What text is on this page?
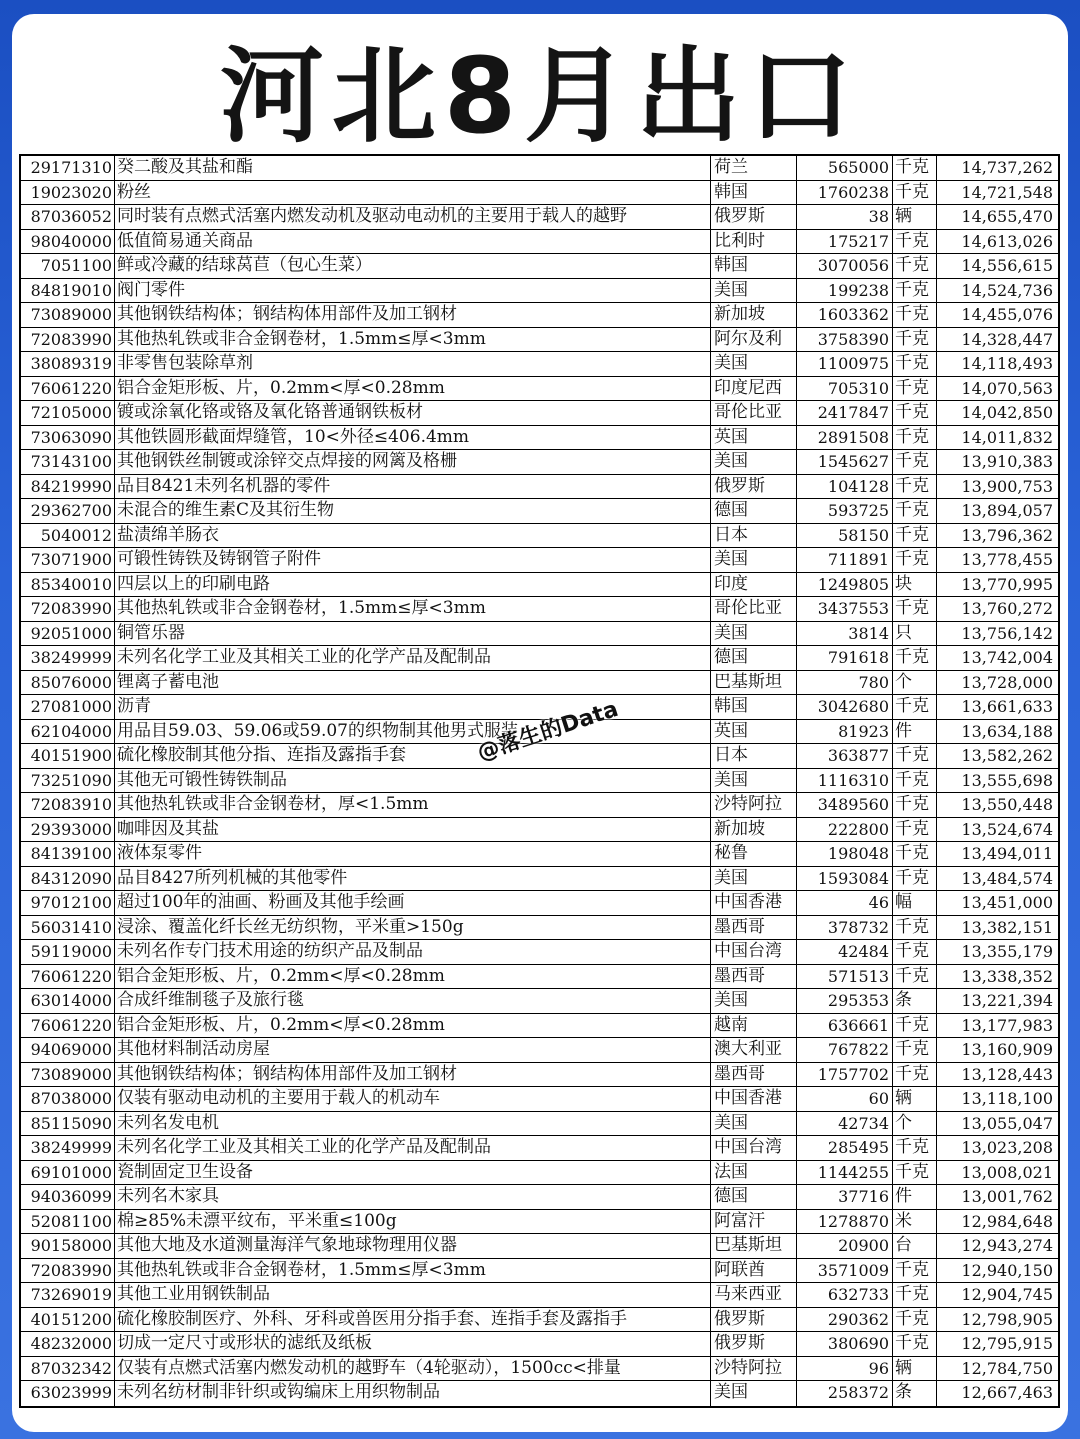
河北8月出口
29171310 癸二酸及其盐和酯	荷兰	565000 千克	14,737,262
19023020 粉丝	韩国	1760238 千克	14,721,548
87036052 同时装有点燃式活塞内燃发动机及驱动电动机的主要用于载人的越野	俄罗斯	38 辆	14,655,470
98040000 低值简易通关商品	比利时	175217 千克	14,613,026
7051100 鲜或冷藏的结球莴苣（包心生菜）	韩国	3070056 千克	14,556,615
84819010 阀门零件	美国	199238 千克	14,524,736
73089000 其他钢铁结构体；钢结构体用部件及加工钢材	新加坡	1603362 千克	14,455,076
72083990 其他热轧铁或非合金钢卷材，1.5mm≤厚<3mm	阿尔及利	3758390 千克	14,328,447
38089319 非零售包装除草剂	美国	1100975 千克	14,118,493
76061220 铝合金矩形板、片，0.2mm<厚<0.28mm	印度尼西	705310 千克	14,070,563
72105000 镀或涂氧化铬或铬及氧化铬普通钢铁板材	哥伦比亚	2417847 千克	14,042,850
73063090 其他铁圆形截面焊缝管，10<外径≤406.4mm	英国	2891508 千克	14,011,832
73143100 其他钢铁丝制镀或涂锌交点焊接的网篱及格栅	美国	1545627 千克	13,910,383
84219990 品目8421未列名机器的零件	俄罗斯	104128 千克	13,900,753
29362700 未混合的维生素C及其衍生物	德国	593725 千克	13,894,057
5040012 盐渍绵羊肠衣	日本	58150 千克	13,796,362
73071900 可锻性铸铁及铸钢管子附件	美国	711891 千克	13,778,455
85340010 四层以上的印刷电路	印度	1249805 块	13,770,995
72083990 其他热轧铁或非合金钢卷材，1.5mm≤厚<3mm	哥伦比亚	3437553 千克	13,760,272
92051000 铜管乐器	美国	3814 只	13,756,142
38249999 未列名化学工业及其相关工业的化学产品及配制品	德国	791618 千克	13,742,004
85076000 锂离子蓄电池	巴基斯坦	780 个	13,728,000
27081000 沥青	韩国	3042680 千克	13,661,633
62104000 用品目59.03、59.06或59.07的织物制其他男式服装	英国	81923 件	13,634,188
40151900 硫化橡胶制其他分指、连指及露指手套	日本	363877 千克	13,582,262
73251090 其他无可锻性铸铁制品	美国	1116310 千克	13,555,698
72083910 其他热轧铁或非合金钢卷材，厚<1.5mm	沙特阿拉	3489560 千克	13,550,448
29393000 咖啡因及其盐	新加坡	222800 千克	13,524,674
84139100 液体泵零件	秘鲁	198048 千克	13,494,011
84312090 品目8427所列机械的其他零件	美国	1593084 千克	13,484,574
97012100 超过100年的油画、粉画及其他手绘画	中国香港	46 幅	13,451,000
56031410 浸涂、覆盖化纤长丝无纺织物，平米重>150g	墨西哥	378732 千克	13,382,151
59119000 未列名作专门技术用途的纺织产品及制品	中国台湾	42484 千克	13,355,179
76061220 铝合金矩形板、片，0.2mm<厚<0.28mm	墨西哥	571513 千克	13,338,352
63014000 合成纤维制毯子及旅行毯	美国	295353 条	13,221,394
76061220 铝合金矩形板、片，0.2mm<厚<0.28mm	越南	636661 千克	13,177,983
94069000 其他材料制活动房屋	澳大利亚	767822 千克	13,160,909
73089000 其他钢铁结构体；钢结构体用部件及加工钢材	墨西哥	1757702 千克	13,128,443
87038000 仅装有驱动电动机的主要用于载人的机动车	中国香港	60 辆	13,118,100
85115090 未列名发电机	美国	42734 个	13,055,047
38249999 未列名化学工业及其相关工业的化学产品及配制品	中国台湾	285495 千克	13,023,208
69101000 瓷制固定卫生设备	法国	1144255 千克	13,008,021
94036099 未列名木家具	德国	37716 件	13,001,762
52081100 棉≥85%未漂平纹布，平米重≤100g	阿富汗	1278870 米	12,984,648
90158000 其他大地及水道测量海洋气象地球物理用仪器	巴基斯坦	20900 台	12,943,274
72083990 其他热轧铁或非合金钢卷材，1.5mm≤厚<3mm	阿联酋	3571009 千克	12,940,150
73269019 其他工业用钢铁制品	马来西亚	632733 千克	12,904,745
40151200 硫化橡胶制医疗、外科、牙科或兽医用分指手套、连指手套及露指手	俄罗斯	290362 千克	12,798,905
48232000 切成一定尺寸或形状的滤纸及纸板	俄罗斯	380690 千克	12,795,915
87032342 仅装有点燃式活塞内燃发动机的越野车（4轮驱动），1500cc<排量	沙特阿拉	96 辆	12,784,750
63023999 未列名纺材制非针织或钩编床上用织物制品	美国	258372 条	12,667,463
@落生的Data
